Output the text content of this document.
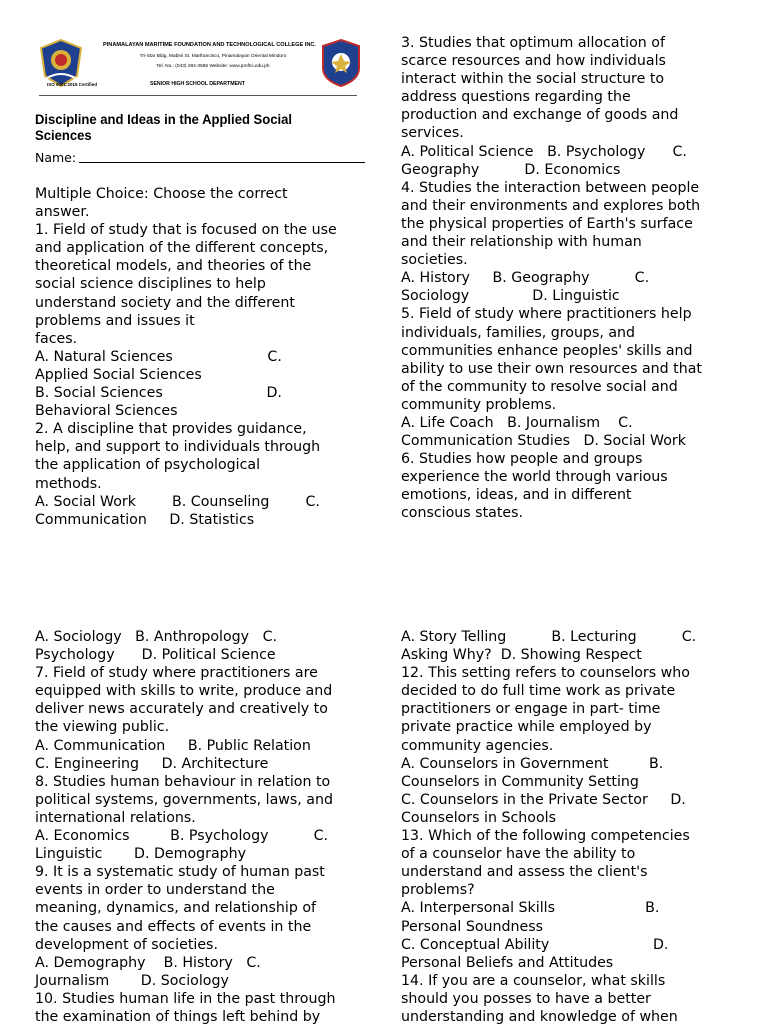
PINAMALAYAN MARITIME FOUNDATION AND TECHNOLOGICAL COLLEGE INC.
Tri-Star Bldg. Mabini St. Marfrancisco, Pinamalayan Oriental Mindoro
Tel. No.: (043) 284-3566 Website: www.pmftci.edu.ph
ISO 9001:2015 Certified	SENIOR HIGH SCHOOL DEPARTMENT
Discipline and Ideas in the Applied Social Sciences
Name:

Multiple Choice: Choose the correct
answer.
1. Field of study that is focused on the use
and application of the different concepts,
theoretical models, and theories of the
social science disciplines to help
understand society and the different
problems and issues it
faces.
A. Natural Sciences                     C.
Applied Social Sciences
B. Social Sciences                       D.
Behavioral Sciences
2. A discipline that provides guidance,
help, and support to individuals through
the application of psychological
methods.
A. Social Work        B. Counseling        C.
Communication     D. Statistics

3. Studies that optimum allocation of
scarce resources and how individuals
interact within the social structure to
address questions regarding the
production and exchange of goods and
services.
A. Political Science   B. Psychology      C.
Geography          D. Economics
4. Studies the interaction between people
and their environments and explores both
the physical properties of Earth's surface
and their relationship with human
societies.
A. History     B. Geography          C.
Sociology              D. Linguistic
5. Field of study where practitioners help
individuals, families, groups, and
communities enhance peoples' skills and
ability to use their own resources and that
of the community to resolve social and
community problems.
A. Life Coach   B. Journalism    C.
Communication Studies   D. Social Work
6. Studies how people and groups
experience the world through various
emotions, ideas, and in different
conscious states.

A. Sociology   B. Anthropology   C.
Psychology      D. Political Science
7. Field of study where practitioners are
equipped with skills to write, produce and
deliver news accurately and creatively to
the viewing public.
A. Communication     B. Public Relation
C. Engineering     D. Architecture
8. Studies human behaviour in relation to
political systems, governments, laws, and
international relations.
A. Economics         B. Psychology          C.
Linguistic       D. Demography
9. It is a systematic study of human past
events in order to understand the
meaning, dynamics, and relationship of
the causes and effects of events in the
development of societies.
A. Demography    B. History   C.
Journalism       D. Sociology
10. Studies human life in the past through
the examination of things left behind by

A. Story Telling          B. Lecturing          C.
Asking Why?  D. Showing Respect
12. This setting refers to counselors who
decided to do full time work as private
practitioners or engage in part- time
private practice while employed by
community agencies.
A. Counselors in Government         B.
Counselors in Community Setting
C. Counselors in the Private Sector     D.
Counselors in Schools
13. Which of the following competencies
of a counselor have the ability to
understand and assess the client's
problems?
A. Interpersonal Skills                    B.
Personal Soundness
C. Conceptual Ability                       D.
Personal Beliefs and Attitudes
14. If you are a counselor, what skills
should you posses to have a better
understanding and knowledge of when
